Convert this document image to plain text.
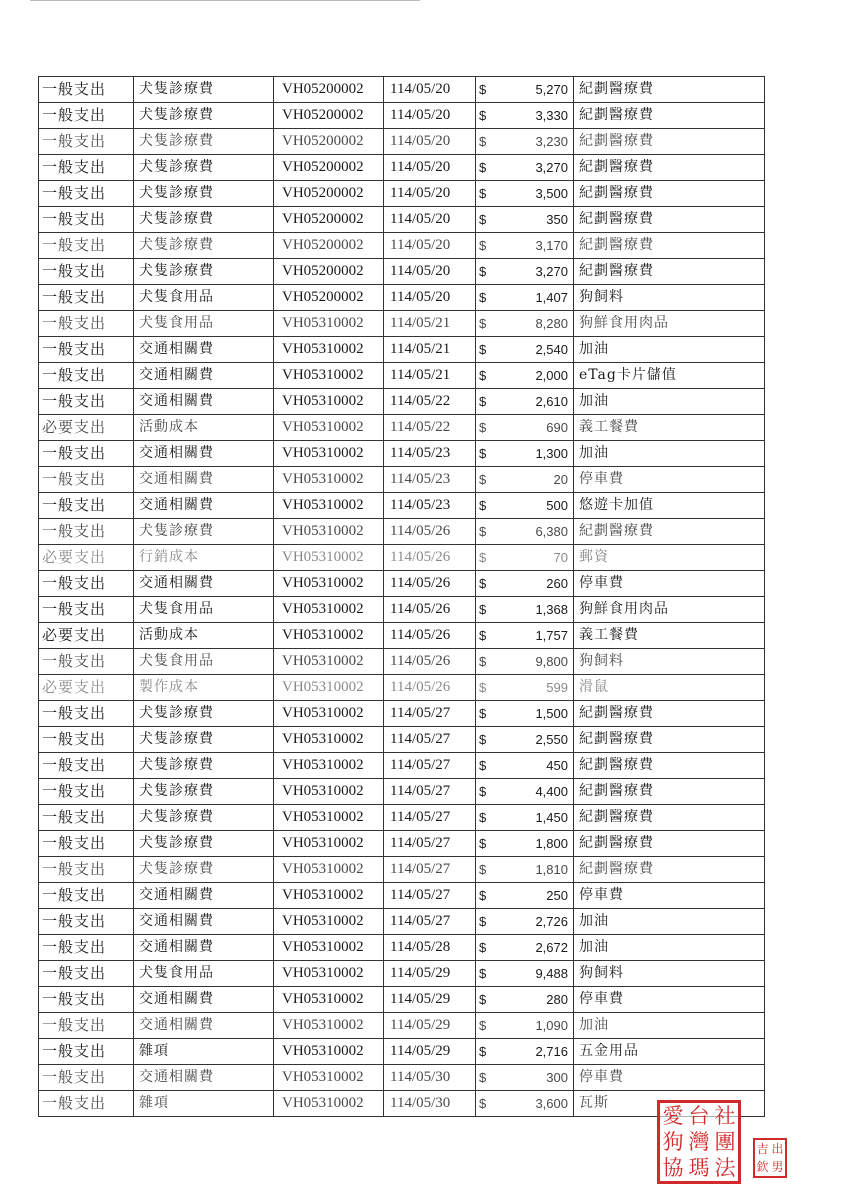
一般支出	犬隻診療費	VH05200002	114/05/20	$ 5,270	紀劃醫療費
一般支出	犬隻診療費	VH05200002	114/05/20	$ 3,330	紀劃醫療費
一般支出	犬隻診療費	VH05200002	114/05/20	$ 3,230	紀劃醫療費
一般支出	犬隻診療費	VH05200002	114/05/20	$ 3,270	紀劃醫療費
一般支出	犬隻診療費	VH05200002	114/05/20	$ 3,500	紀劃醫療費
一般支出	犬隻診療費	VH05200002	114/05/20	$ 350	紀劃醫療費
一般支出	犬隻診療費	VH05200002	114/05/20	$ 3,170	紀劃醫療費
一般支出	犬隻診療費	VH05200002	114/05/20	$ 3,270	紀劃醫療費
一般支出	犬隻食用品	VH05200002	114/05/20	$ 1,407	狗飼料
一般支出	犬隻食用品	VH05310002	114/05/21	$ 8,280	狗鮮食用肉品
一般支出	交通相關費	VH05310002	114/05/21	$ 2,540	加油
一般支出	交通相關費	VH05310002	114/05/21	$ 2,000	eTag卡片儲值
一般支出	交通相關費	VH05310002	114/05/22	$ 2,610	加油
必要支出	活動成本	VH05310002	114/05/22	$ 690	義工餐費
一般支出	交通相關費	VH05310002	114/05/23	$ 1,300	加油
一般支出	交通相關費	VH05310002	114/05/23	$ 20	停車費
一般支出	交通相關費	VH05310002	114/05/23	$ 500	悠遊卡加值
一般支出	犬隻診療費	VH05310002	114/05/26	$ 6,380	紀劃醫療費
必要支出	行銷成本	VH05310002	114/05/26	$ 70	郵資
一般支出	交通相關費	VH05310002	114/05/26	$ 260	停車費
一般支出	犬隻食用品	VH05310002	114/05/26	$ 1,368	狗鮮食用肉品
必要支出	活動成本	VH05310002	114/05/26	$ 1,757	義工餐費
一般支出	犬隻食用品	VH05310002	114/05/26	$ 9,800	狗飼料
必要支出	製作成本	VH05310002	114/05/26	$ 599	滑鼠
一般支出	犬隻診療費	VH05310002	114/05/27	$ 1,500	紀劃醫療費
一般支出	犬隻診療費	VH05310002	114/05/27	$ 2,550	紀劃醫療費
一般支出	犬隻診療費	VH05310002	114/05/27	$ 450	紀劃醫療費
一般支出	犬隻診療費	VH05310002	114/05/27	$ 4,400	紀劃醫療費
一般支出	犬隻診療費	VH05310002	114/05/27	$ 1,450	紀劃醫療費
一般支出	犬隻診療費	VH05310002	114/05/27	$ 1,800	紀劃醫療費
一般支出	犬隻診療費	VH05310002	114/05/27	$ 1,810	紀劃醫療費
一般支出	交通相關費	VH05310002	114/05/27	$ 250	停車費
一般支出	交通相關費	VH05310002	114/05/27	$ 2,726	加油
一般支出	交通相關費	VH05310002	114/05/28	$ 2,672	加油
一般支出	犬隻食用品	VH05310002	114/05/29	$ 9,488	狗飼料
一般支出	交通相關費	VH05310002	114/05/29	$ 280	停車費
一般支出	交通相關費	VH05310002	114/05/29	$ 1,090	加油
一般支出	雜項	VH05310002	114/05/29	$ 2,716	五金用品
一般支出	交通相關費	VH05310002	114/05/30	$ 300	停車費
一般支出	雜項	VH05310002	114/05/30	$ 3,600	瓦斯
愛 台 社
狗 灣 團
協 瑪 法
吉 出
欽 男
